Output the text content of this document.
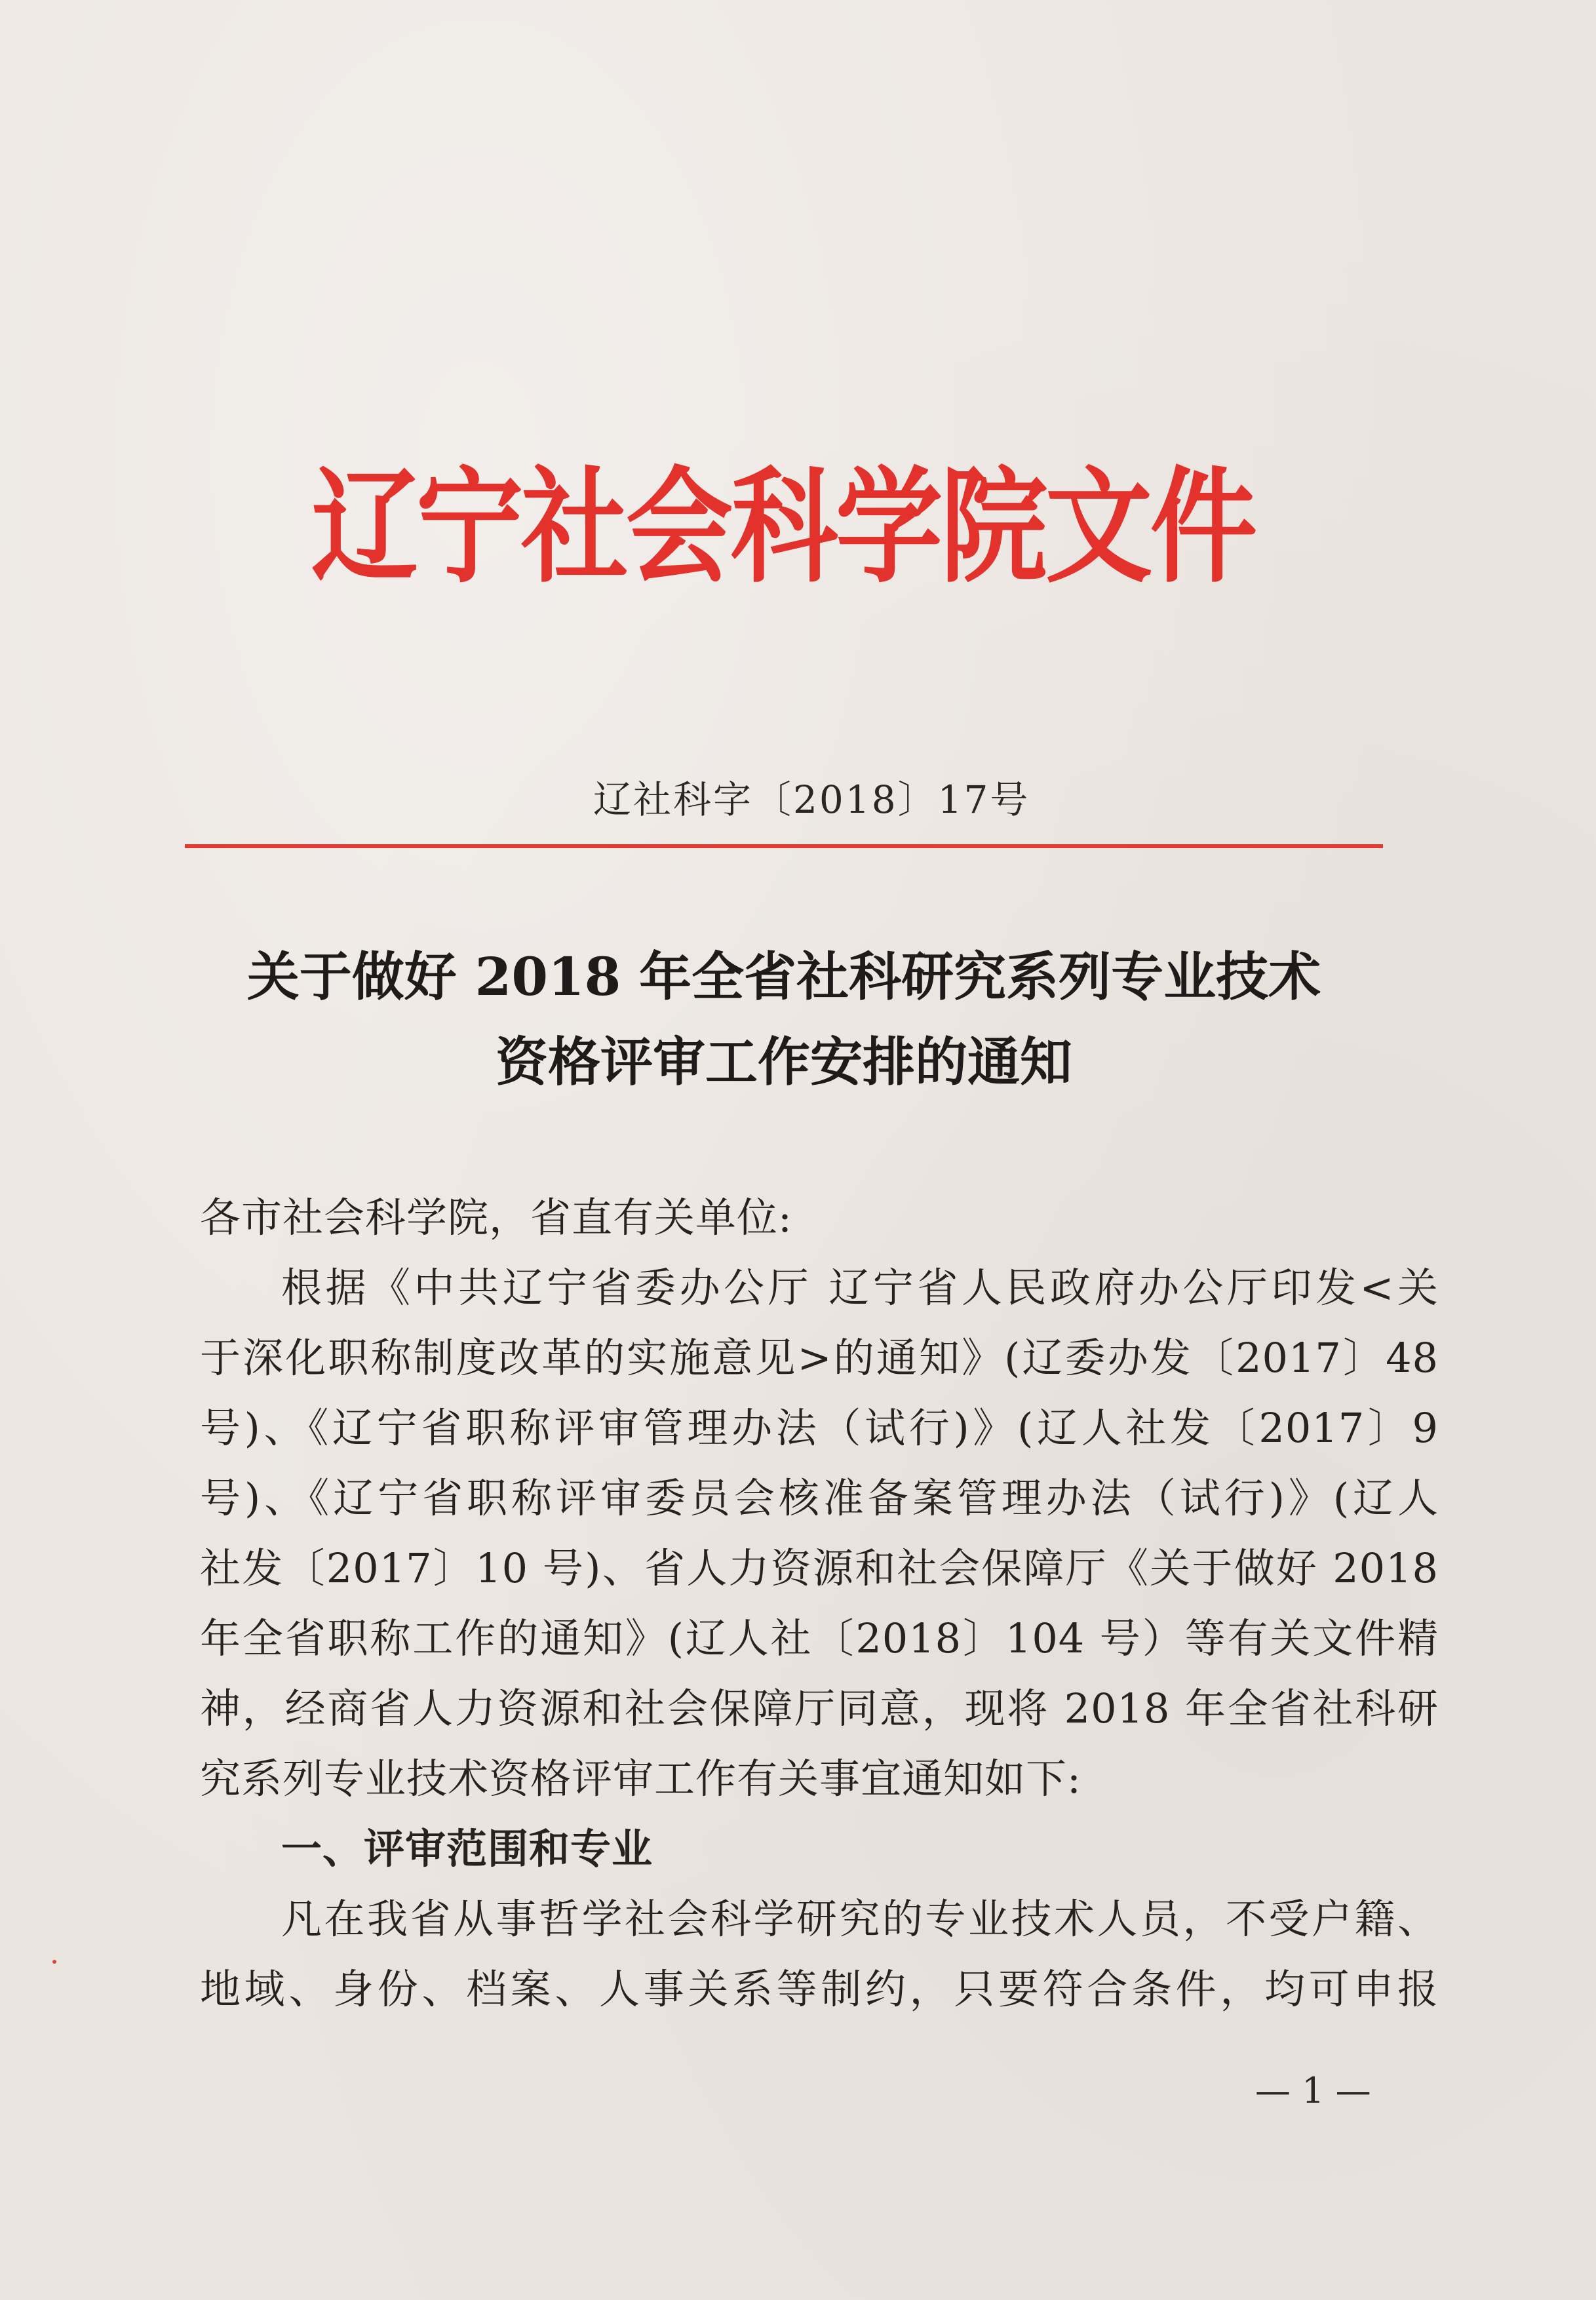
辽宁社会科学院文件
辽社科字〔2018〕17号
关于做好 2018 年全省社科研究系列专业技术
资格评审工作安排的通知
各市社会科学院，省直有关单位:
根据《中共辽宁省委办公厅 辽宁省人民政府办公厅印发<关
于深化职称制度改革的实施意见>的通知》(辽委办发〔2017〕48
号)、《辽宁省职称评审管理办法（试行)》(辽人社发〔2017〕9
号)、《辽宁省职称评审委员会核准备案管理办法（试行)》(辽人
社发〔2017〕10 号)、省人力资源和社会保障厅《关于做好 2018
年全省职称工作的通知》(辽人社〔2018〕104 号）等有关文件精
神，经商省人力资源和社会保障厅同意，现将 2018 年全省社科研
究系列专业技术资格评审工作有关事宜通知如下:
一、评审范围和专业
凡在我省从事哲学社会科学研究的专业技术人员，不受户籍、
地域、身份、档案、人事关系等制约，只要符合条件，均可申报
— 1 —
